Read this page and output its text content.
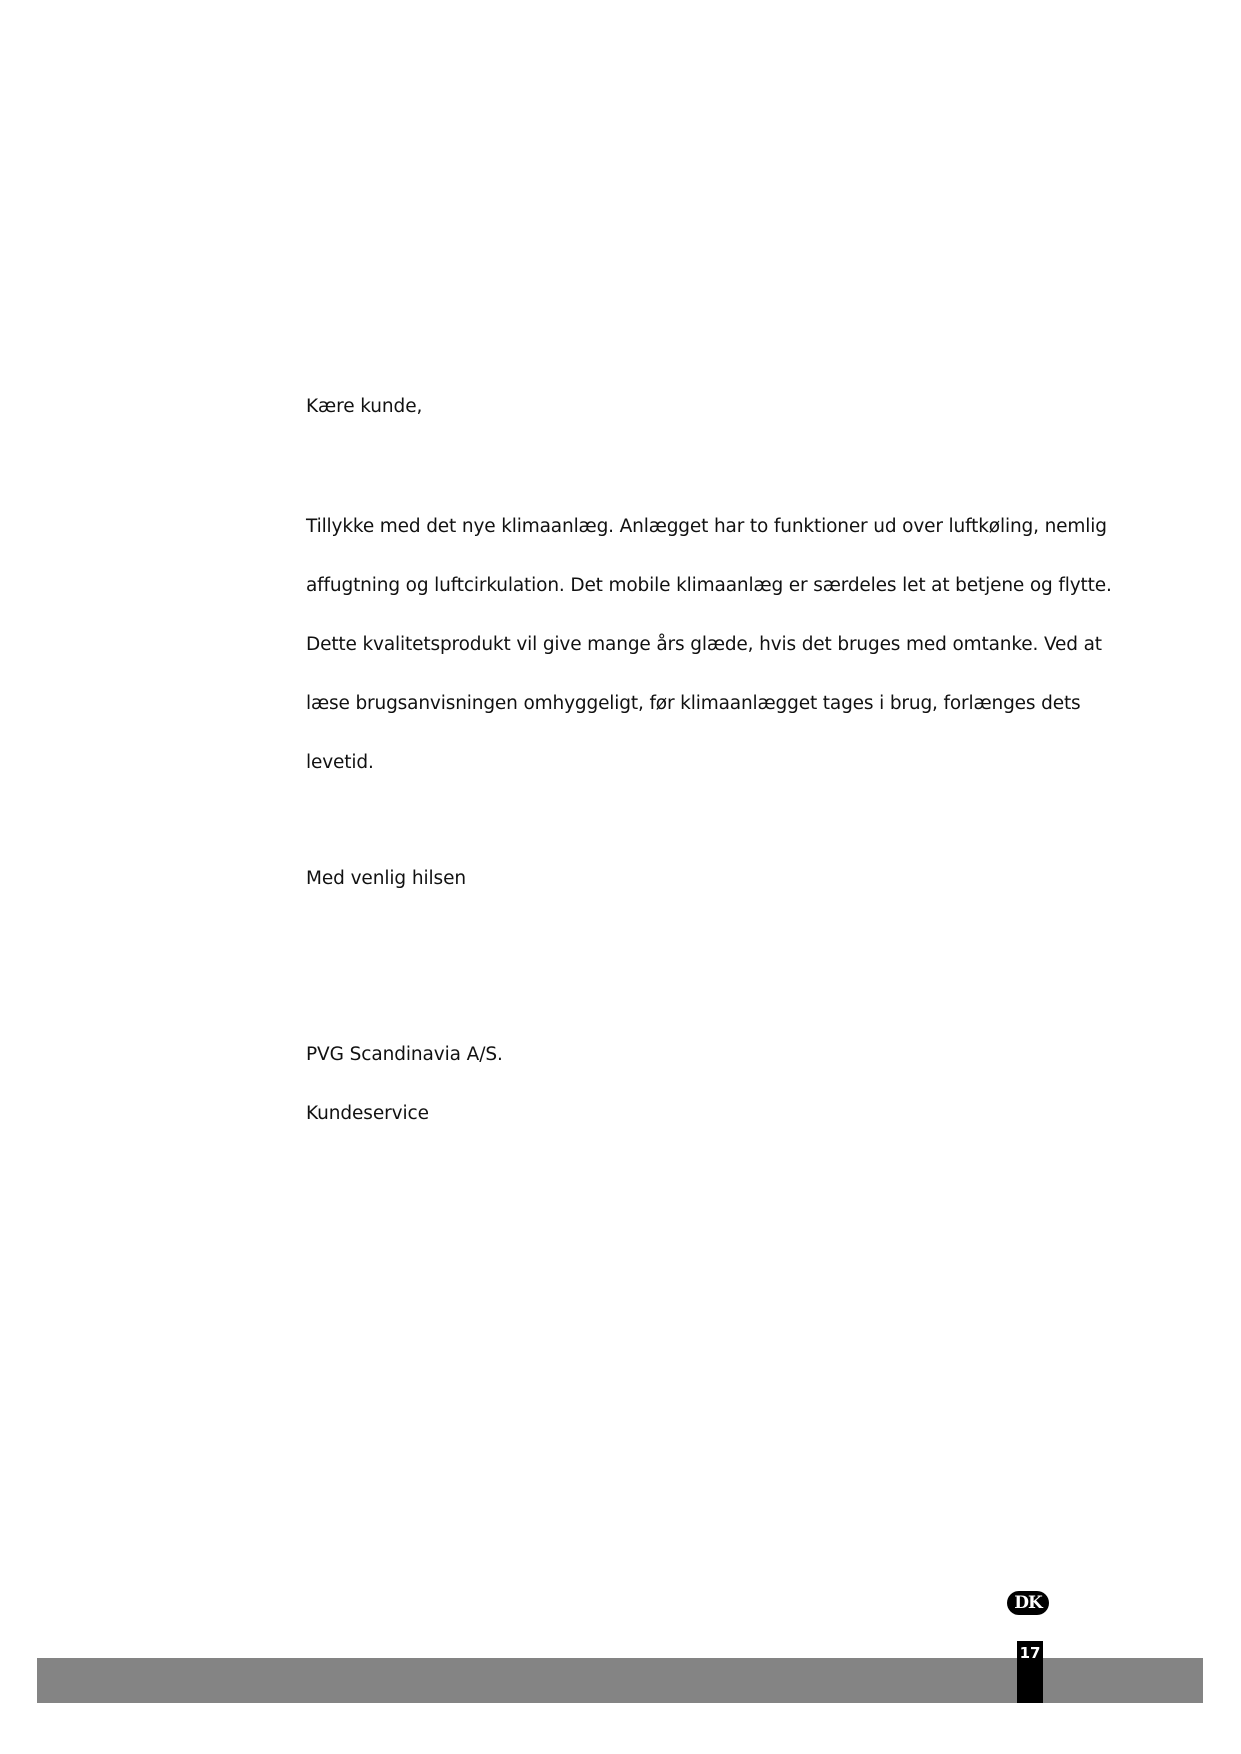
Kære kunde,
Tillykke med det nye klimaanlæg. Anlægget har to funktioner ud over luftkøling, nemlig
affugtning og luftcirkulation. Det mobile klimaanlæg er særdeles let at betjene og flytte.
Dette kvalitetsprodukt vil give mange års glæde, hvis det bruges med omtanke. Ved at
læse brugsanvisningen omhyggeligt, før klimaanlægget tages i brug, forlænges dets
levetid.
Med venlig hilsen
PVG Scandinavia A/S.
Kundeservice
DK
17
